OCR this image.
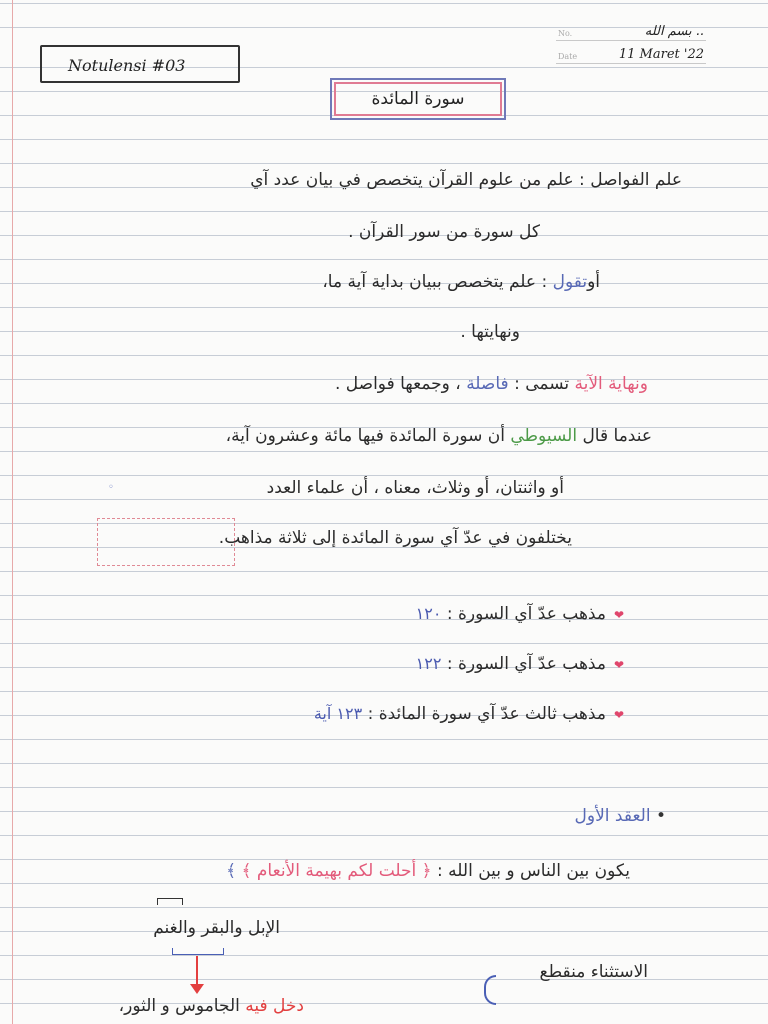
Notulensi #03
No.	بسم الله ..
Date	11 Maret '22
سورة المائدة
علم الفواصل : علم من علوم القرآن يتخصص في بيان عدد آي
كل سورة من سور القرآن .
أوتقول : علم يتخصص ببيان بداية آية ما،
ونهايتها .
ونهاية الآية تسمى : فاصلة ، وجمعها فواصل .
عندما قال السيوطي أن سورة المائدة فيها مائة وعشرون آية،
أو واثنتان، أو وثلاث، معناه ، أن علماء العدد
◦
يختلفون في عدّ آي سورة المائدة إلى ثلاثة مذاهب.
❤مذهب عدّ آي السورة : ١٢٠
❤مذهب عدّ آي السورة : ١٢٢
❤مذهب ثالث عدّ آي سورة المائدة : ١٢٣ آية
• العقد الأول
يكون بين الناس و بين الله : ﴿ أحلت لكم بهيمة الأنعام ﴾ ﴾
الإبل والبقر والغنم
الاستثناء منقطع
دخل فيه الجاموس و الثور،
